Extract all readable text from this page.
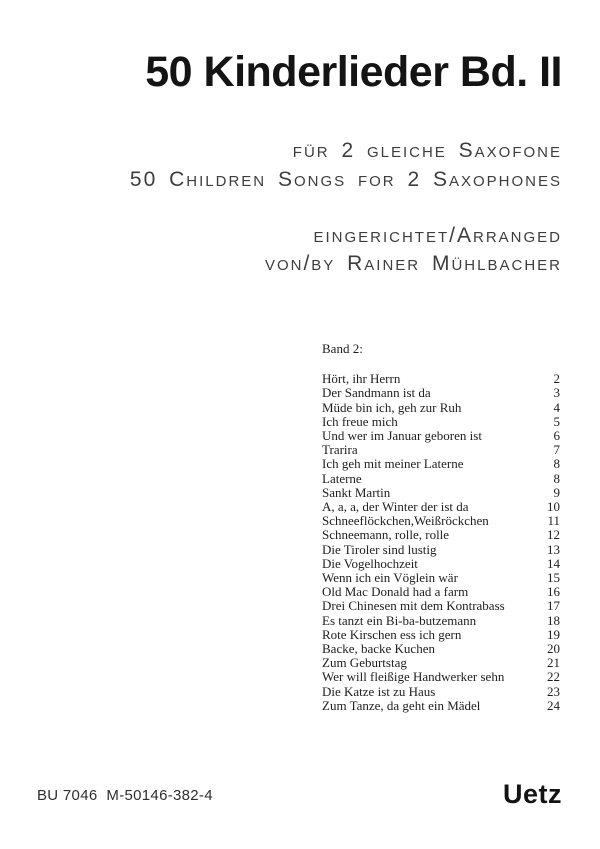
50 Kinderlieder Bd. II
für 2 gleiche Saxofone
50 Children Songs for 2 Saxophones
eingerichtet/Arranged
von/by Rainer Mühlbacher
Band 2:
Hört, ihr Herrn	2
Der Sandmann ist da	3
Müde bin ich, geh zur Ruh	4
Ich freue mich	5
Und wer im Januar geboren ist	6
Trarira	7
Ich geh mit meiner Laterne	8
Laterne	8
Sankt Martin	9
A, a, a, der Winter der ist da	10
Schneeflöckchen,Weißröckchen	11
Schneemann, rolle, rolle	12
Die Tiroler sind lustig	13
Die Vogelhochzeit	14
Wenn ich ein Vöglein wär	15
Old Mac Donald had a farm	16
Drei Chinesen mit dem Kontrabass	17
Es tanzt ein Bi-ba-butzemann	18
Rote Kirschen ess ich gern	19
Backe, backe Kuchen	20
Zum Geburtstag	21
Wer will fleißige Handwerker sehn	22
Die Katze ist zu Haus	23
Zum Tanze, da geht ein Mädel	24
BU 7046  M-50146-382-4	Uetz
